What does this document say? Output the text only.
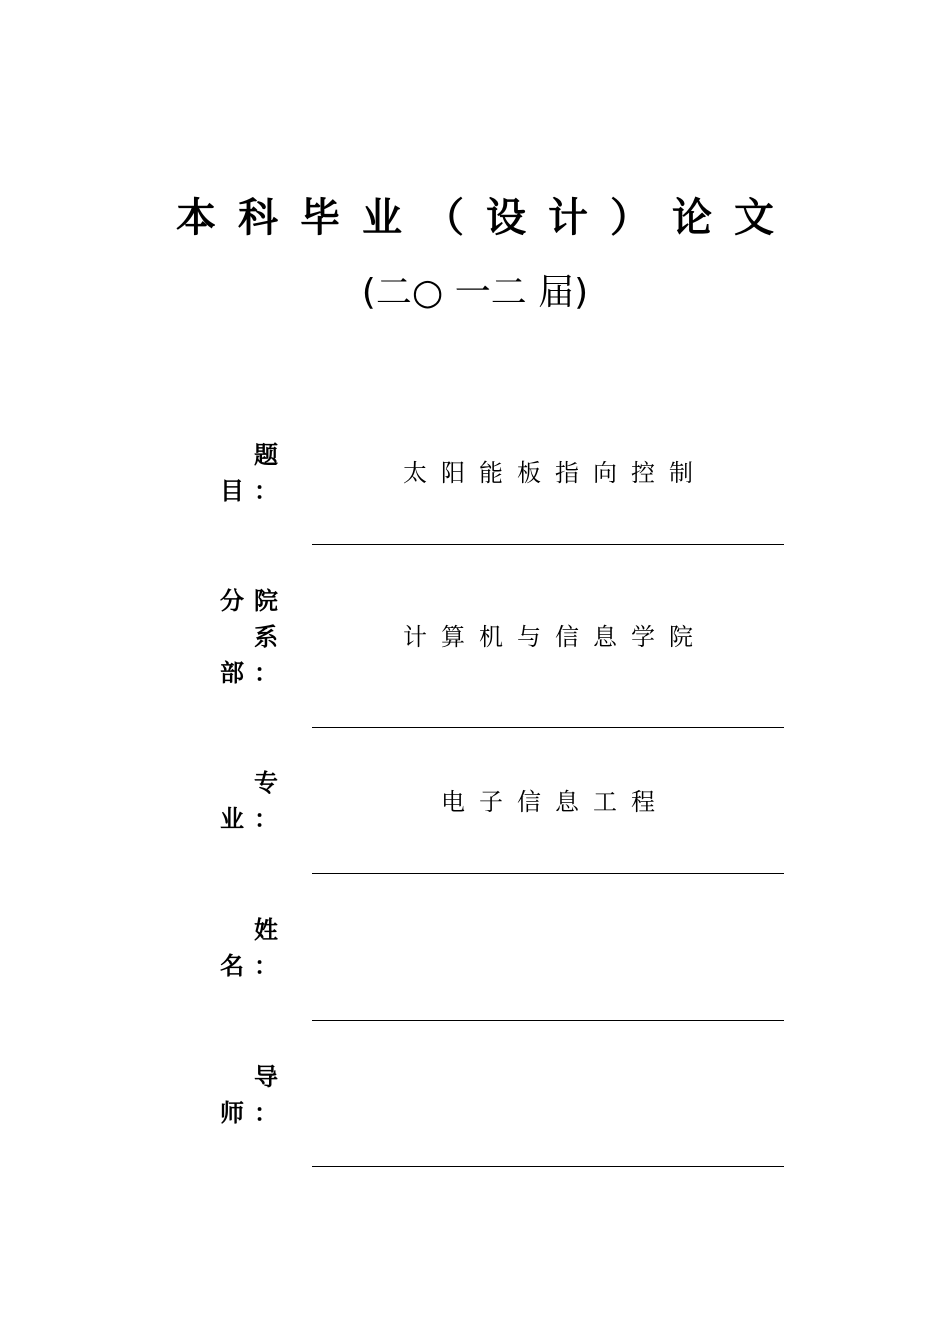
本科毕业（设计）论文
(二○ 一二 届)
题目：
太阳能板指向控制
分院系部：
计算机与信息学院
专业：
电子信息工程
姓名：
导师：
